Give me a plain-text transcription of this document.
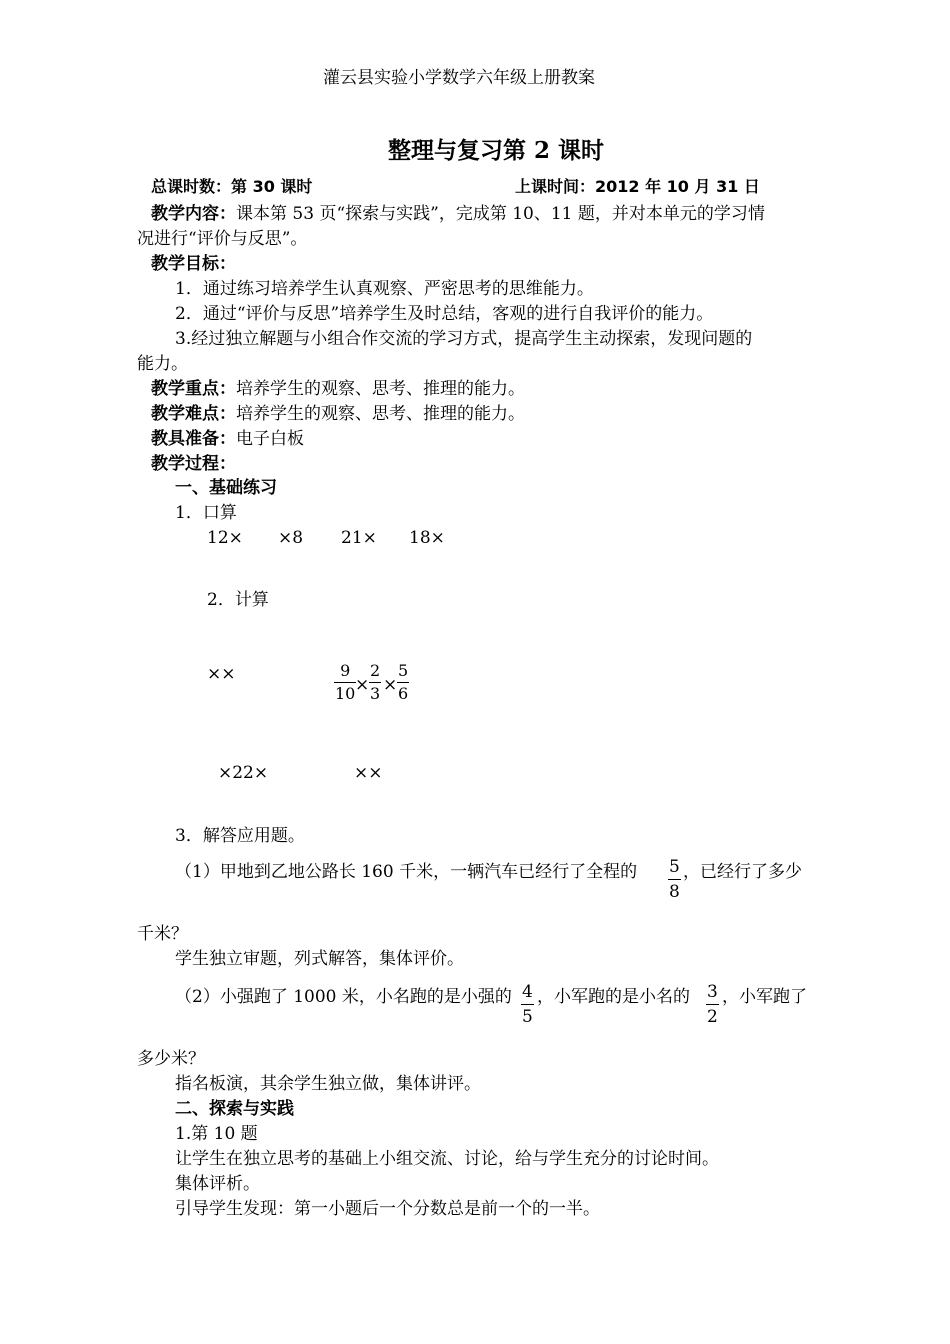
灌云县实验小学数学六年级上册教案
整理与复习第 2 课时
总课时数：第 30 课时	上课时间：2012 年 10 月 31 日
教学内容：课本第 53 页“探索与实践”，完成第 10、11 题，并对本单元的学习情
况进行“评价与反思”。
教学目标：
1．通过练习培养学生认真观察、严密思考的思维能力。
2．通过“评价与反思”培养学生及时总结，客观的进行自我评价的能力。
3.经过独立解题与小组合作交流的学习方式，提高学生主动探索，发现问题的
能力。
教学重点：培养学生的观察、思考、推理的能力。
教学难点：培养学生的观察、思考、推理的能力。
教具准备：电子白板
教学过程：
一、基础练习
1．口算
12× ×8 21× 18×
2．计算
××	9
10 ×
2
3 ×
5
6
×22×	××
3．解答应用题。
（1）甲地到乙地公路长 160 千米，一辆汽车已经行了全程的 5
8
，已经行了多少
千米？
学生独立审题，列式解答，集体评价。
（2）小强跑了 1000 米，小名跑的是小强的 4
5
，小军跑的是小名的 3
2
，小军跑了
多少米？
指名板演，其余学生独立做，集体讲评。
二、探索与实践
1.第 10 题
让学生在独立思考的基础上小组交流、讨论，给与学生充分的讨论时间。
集体评析。
引导学生发现：第一小题后一个分数总是前一个的一半。
